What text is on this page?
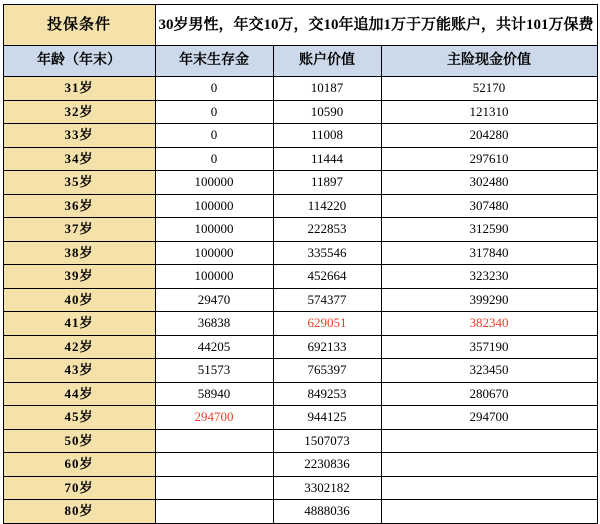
投保条件	30岁男性，年交10万，交10年追加1万于万能账户，共计101万保费		
年龄（年末）	年末生存金	账户价值	主险现金价值
31岁	0	10187	52170
32岁	0	10590	121310
33岁	0	11008	204280
34岁	0	11444	297610
35岁	100000	11897	302480
36岁	100000	114220	307480
37岁	100000	222853	312590
38岁	100000	335546	317840
39岁	100000	452664	323230
40岁	29470	574377	399290
41岁	36838	629051	382340
42岁	44205	692133	357190
43岁	51573	765397	323450
44岁	58940	849253	280670
45岁	294700	944125	294700
50岁		1507073	
60岁		2230836	
70岁		3302182	
80岁		4888036	
